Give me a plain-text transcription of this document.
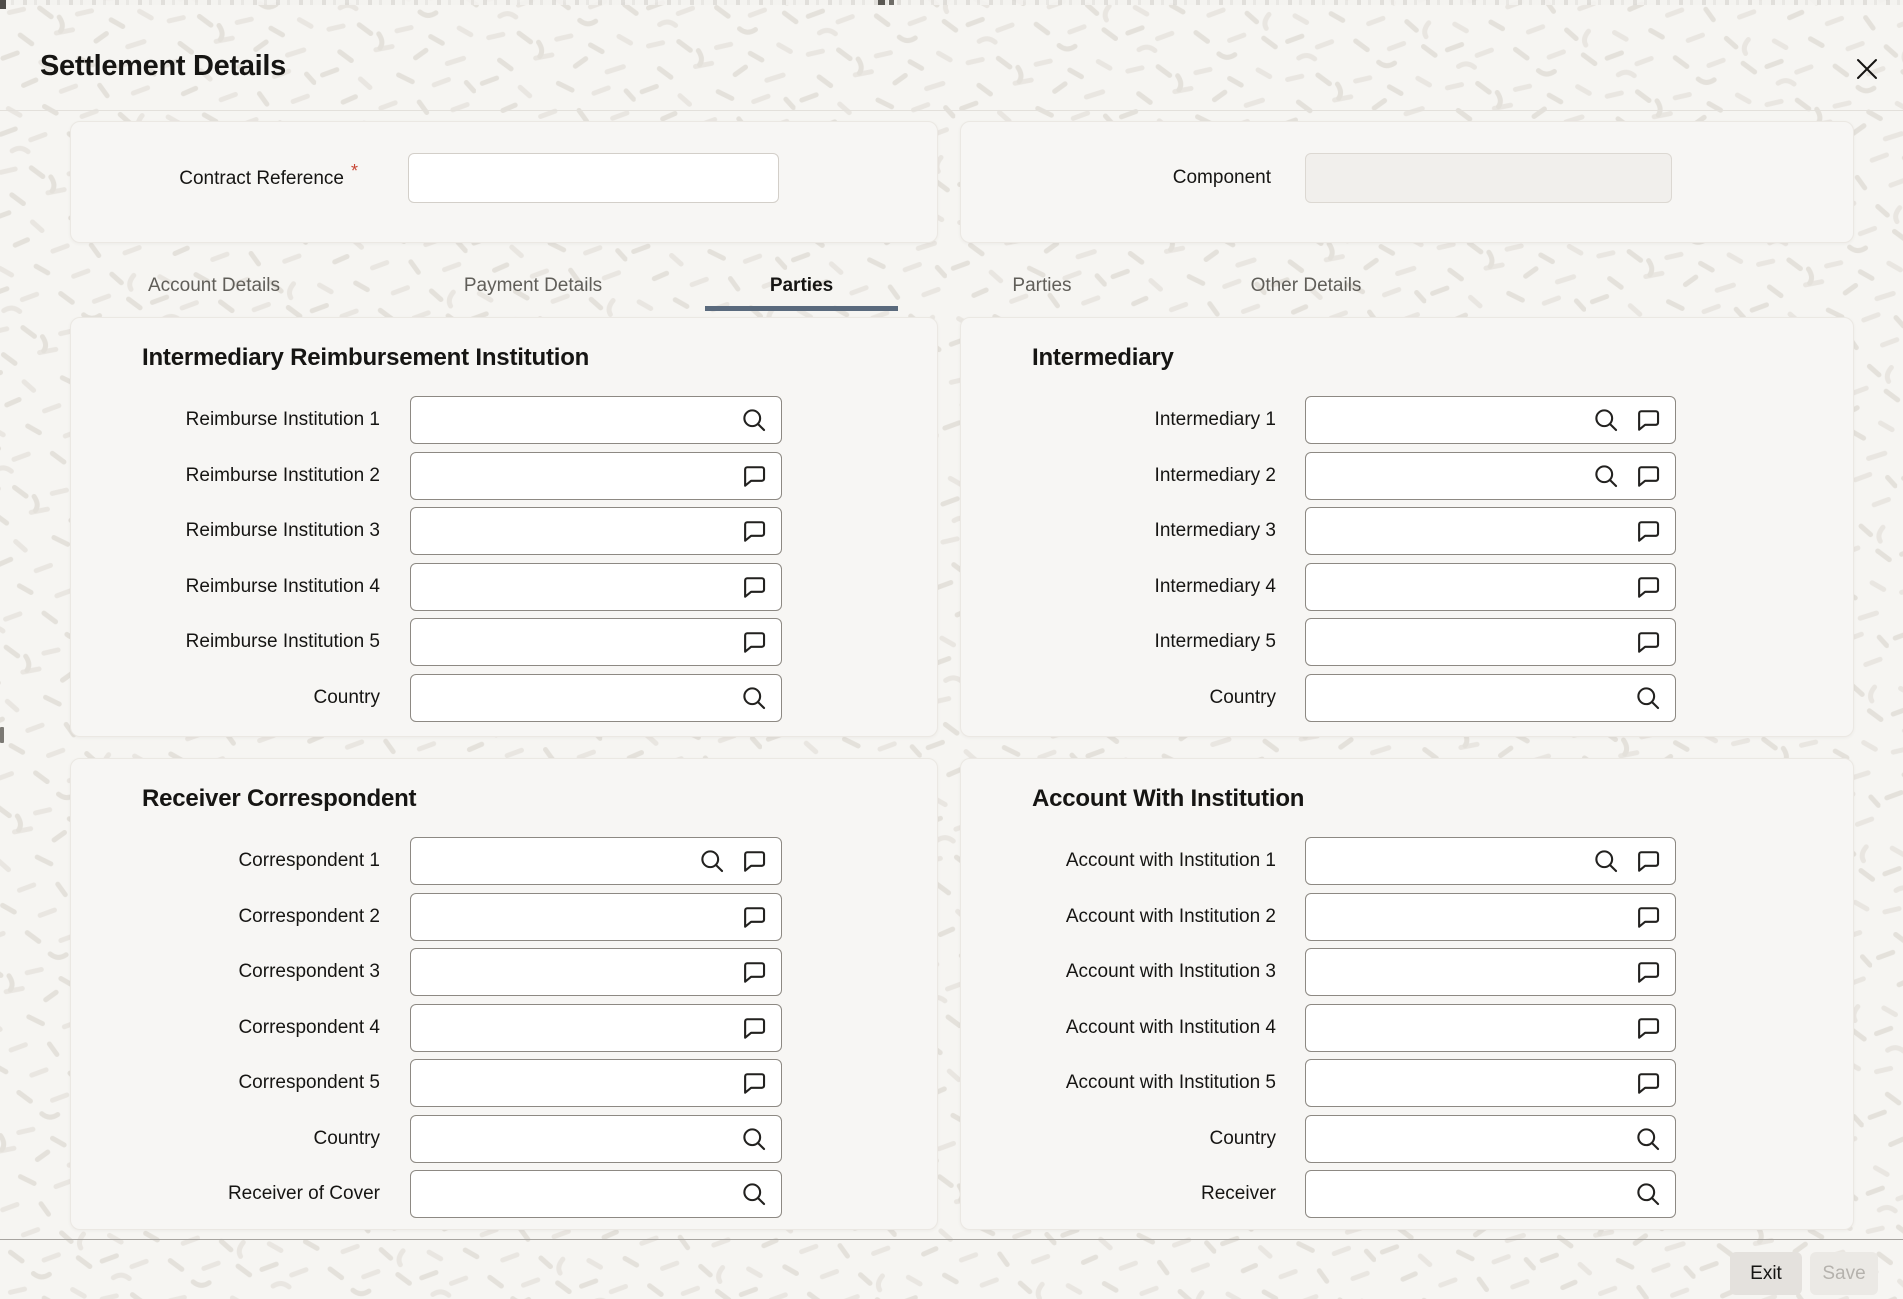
Settlement Details
Contract Reference *	Component
Account Details	Payment Details	Parties	Parties	Other Details
Intermediary Reimbursement Institution
Reimburse Institution 1
Reimburse Institution 2
Reimburse Institution 3
Reimburse Institution 4
Reimburse Institution 5
Country
Intermediary
Intermediary 1
Intermediary 2
Intermediary 3
Intermediary 4
Intermediary 5
Country
Receiver Correspondent
Correspondent 1
Correspondent 2
Correspondent 3
Correspondent 4
Correspondent 5
Country
Receiver of Cover
Account With Institution
Account with Institution 1
Account with Institution 2
Account with Institution 3
Account with Institution 4
Account with Institution 5
Country
Receiver
Exit	Save
